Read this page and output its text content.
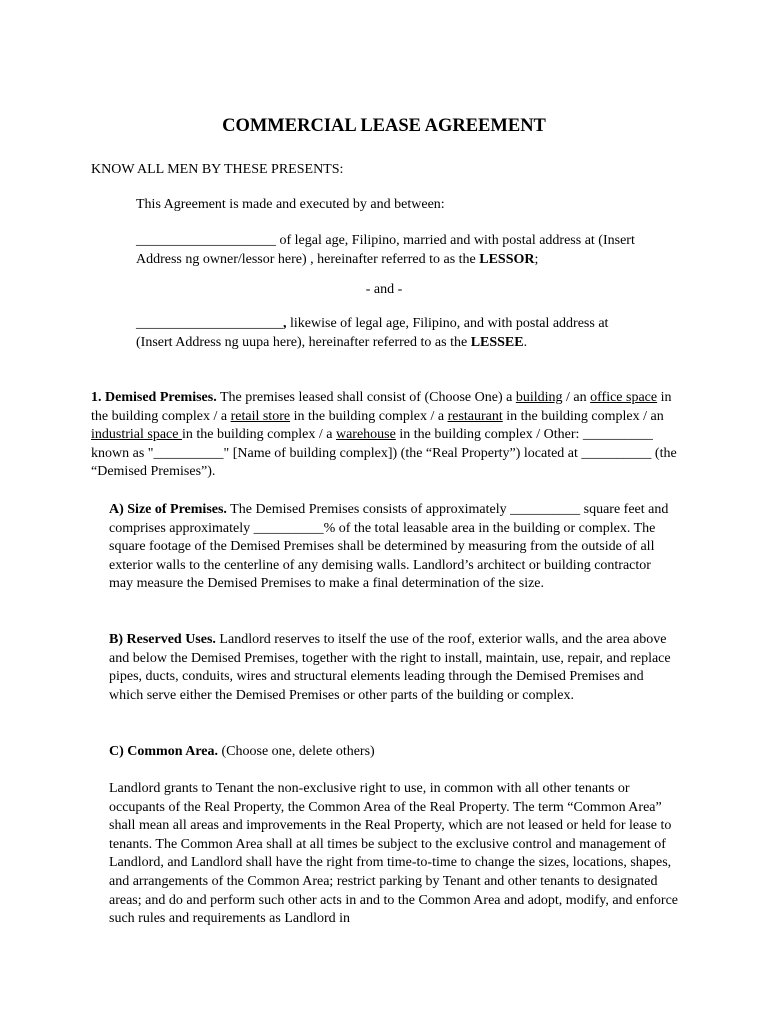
COMMERCIAL LEASE AGREEMENT

KNOW ALL MEN BY THESE PRESENTS:

This Agreement is made and executed by and between:

____________________ of legal age, Filipino, married and with postal address at (Insert Address ng owner/lessor here) , hereinafter referred to as the LESSOR;

- and -

_____________________, likewise of legal age, Filipino, and with postal address at (Insert Address ng uupa here), hereinafter referred to as the LESSEE.

1. Demised Premises. The premises leased shall consist of (Choose One) a building / an office space in the building complex / a retail store in the building complex / a restaurant in the building complex / an industrial space in the building complex / a warehouse in the building complex / Other: __________ known as "__________" [Name of building complex]) (the “Real Property”) located at __________ (the “Demised Premises”).

A) Size of Premises. The Demised Premises consists of approximately __________ square feet and comprises approximately __________% of the total leasable area in the building or complex. The square footage of the Demised Premises shall be determined by measuring from the outside of all exterior walls to the centerline of any demising walls. Landlord’s architect or building contractor may measure the Demised Premises to make a final determination of the size.

B) Reserved Uses. Landlord reserves to itself the use of the roof, exterior walls, and the area above and below the Demised Premises, together with the right to install, maintain, use, repair, and replace pipes, ducts, conduits, wires and structural elements leading through the Demised Premises and which serve either the Demised Premises or other parts of the building or complex.

C) Common Area. (Choose one, delete others)

Landlord grants to Tenant the non-exclusive right to use, in common with all other tenants or occupants of the Real Property, the Common Area of the Real Property. The term “Common Area” shall mean all areas and improvements in the Real Property, which are not leased or held for lease to tenants. The Common Area shall at all times be subject to the exclusive control and management of Landlord, and Landlord shall have the right from time-to-time to change the sizes, locations, shapes, and arrangements of the Common Area; restrict parking by Tenant and other tenants to designated areas; and do and perform such other acts in and to the Common Area and adopt, modify, and enforce such rules and requirements as Landlord in
